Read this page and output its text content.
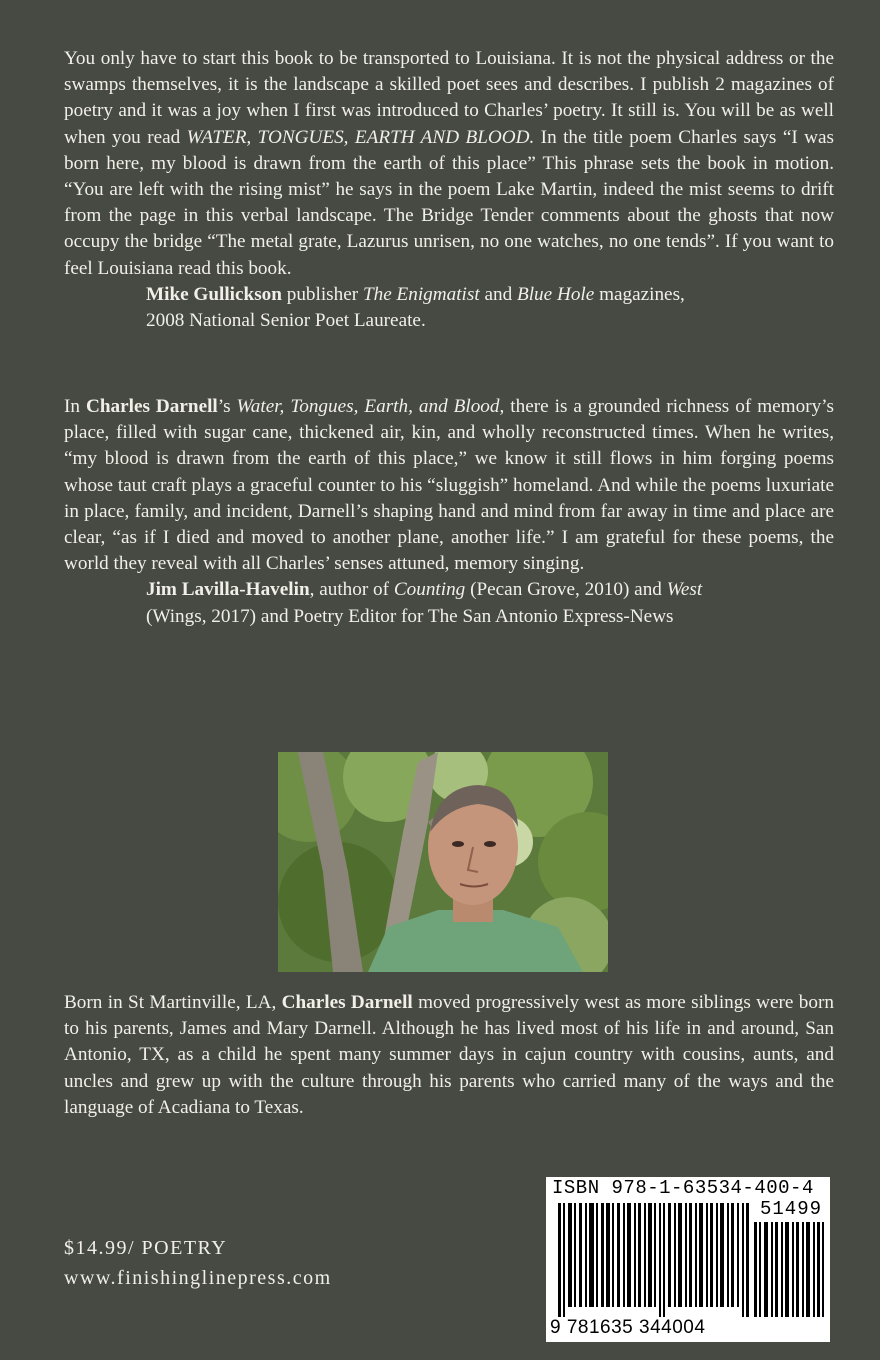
You only have to start this book to be transported to Louisiana. It is not the physical address or the swamps themselves, it is the landscape a skilled poet sees and describes. I publish 2 magazines of poetry and it was a joy when I first was introduced to Charles’ poetry. It still is. You will be as well when you read WATER, TONGUES, EARTH AND BLOOD. In the title poem Charles says “I was born here, my blood is drawn from the earth of this place” This phrase sets the book in motion. “You are left with the rising mist” he says in the poem Lake Martin, indeed the mist seems to drift from the page in this verbal landscape. The Bridge Tender comments about the ghosts that now occupy the bridge “The metal grate, Lazurus unrisen, no one watches, no one tends”. If you want to feel Louisiana read this book.

Mike Gullickson publisher The Enigmatist and Blue Hole magazines,
2008 National Senior Poet Laureate.

In Charles Darnell’s Water, Tongues, Earth, and Blood, there is a grounded richness of memory’s place, filled with sugar cane, thickened air, kin, and wholly reconstructed times. When he writes, “my blood is drawn from the earth of this place,” we know it still flows in him forging poems whose taut craft plays a graceful counter to his “sluggish” homeland. And while the poems luxuriate in place, family, and incident, Darnell’s shaping hand and mind from far away in time and place are clear, “as if I died and moved to another plane, another life.” I am grateful for these poems, the world they reveal with all Charles’ senses attuned, memory singing.

Jim Lavilla-Havelin, author of Counting (Pecan Grove, 2010) and West
(Wings, 2017) and Poetry Editor for The San Antonio Express-News
Born in St Martinville, LA, Charles Darnell moved progressively west as more siblings were born to his parents, James and Mary Darnell. Although he has lived most of his life in and around, San Antonio, TX, as a child he spent many summer days in cajun country with cousins, aunts, and uncles and grew up with the culture through his parents who carried many of the ways and the language of Acadiana to Texas.
$14.99/ POETRY
www.finishinglinepress.com
ISBN 978-1-63534-400-4
51499
9 781635 344004
